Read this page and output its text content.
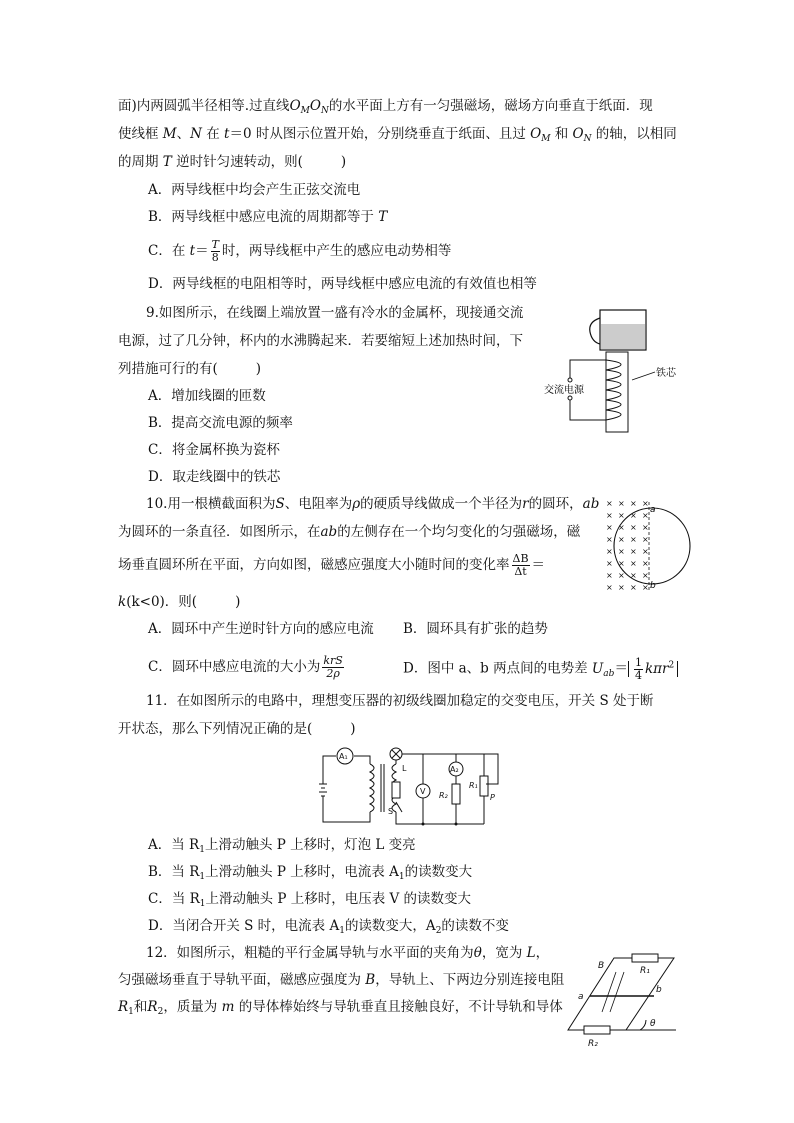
面)内两圆弧半径相等.过直线$O_MO_N$的水平面上方有一匀强磁场，磁场方向垂直于纸面．现
使线框 M、N 在 t＝0 时从图示位置开始，分别绕垂直于纸面、且过 $O_M$ 和 $O_N$ 的轴，以相同
的周期 T 逆时针匀速转动，则(	)
A．两导线框中均会产生正弦交流电
B．两导线框中感应电流的周期都等于 T
C．在 $t= \frac{T}{8}$ 时，两导线框中产生的感应电动势相等
D．两导线框的电阻相等时，两导线框中感应电流的有效值也相等
9.如图所示，在线圈上端放置一盛有冷水的金属杯，现接通交流
电源，过了几分钟，杯内的水沸腾起来．若要缩短上述加热时间，下
列措施可行的有(	)
A．增加线圈的匝数
B．提高交流电源的频率
C．将金属杯换为瓷杯
D．取走线圈中的铁芯
交流电源
铁芯
10.用一根横截面积为S、电阻率为ρ的硬质导线做成一个半径为r的圆环，ab
为圆环的一条直径．如图所示，在ab的左侧存在一个均匀变化的匀强磁场，磁
场垂直圆环所在平面，方向如图，磁感应强度大小随时间的变化率 $\frac{\Delta B}{\Delta t}$ ＝
k(k<0)．则(	)
A．圆环中产生逆时针方向的感应电流 B．圆环具有扩张的趋势
C．圆环中感应电流的大小为 $\frac{\text{krS}}{2\rho}$	D．图中 a、b 两点间的电势差 $U_{ab}= \frac{1}{4} k\pi r^2$
× × × ×
× × × ×
× × × ×
× × × ×
× × × ×
× × × ×
× × × ×
× × × ×
a
b
11．在如图所示的电路中，理想变压器的初级线圈加稳定的交变电压，开关 S 处于断
开状态，那么下列情况正确的是(	)
A₁
L
V
A₂
S
R₂
R₁
P
A．当 $R_1$上滑动触头 P 上移时，灯泡 L 变亮
B．当 $R_1$上滑动触头 P 上移时，电流表 $A_1$的读数变大
C．当 $R_1$上滑动触头 P 上移时，电压表 V 的读数变大
D．当闭合开关 S 时，电流表 $A_1$的读数变大，$A_2$的读数不变
12．如图所示，粗糙的平行金属导轨与水平面的夹角为θ，宽为 L，
匀强磁场垂直于导轨平面，磁感应强度为 B，导轨上、下两边分别连接电阻
$R_1$和$R_2$，质量为 m 的导体棒始终与导轨垂直且接触良好，不计导轨和导体
B	R₁
R₂
a
b
θ
